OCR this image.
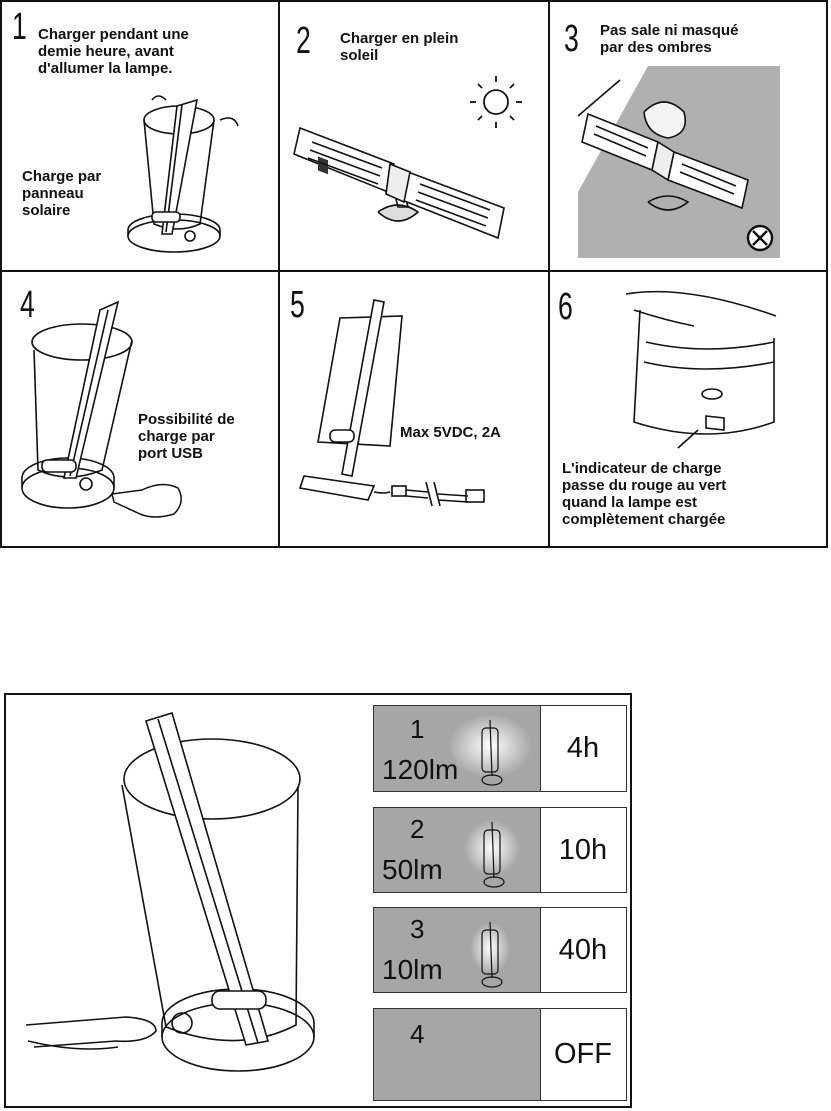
1 Charger pendant une
demie heure, avant
d'allumer la lampe.
Charge par
panneau
solaire
2 Charger en plein
soleil	3 Pas sale ni masqué
par des ombres
4
Possibilité de
charge par
port USB
5
Max 5VDC, 2A
6
L'indicateur de charge
passe du rouge au vert
quand la lampe est
complètement chargée
1
120lm
4h
2
50lm
10h
3
10lm
40h
4
OFF
